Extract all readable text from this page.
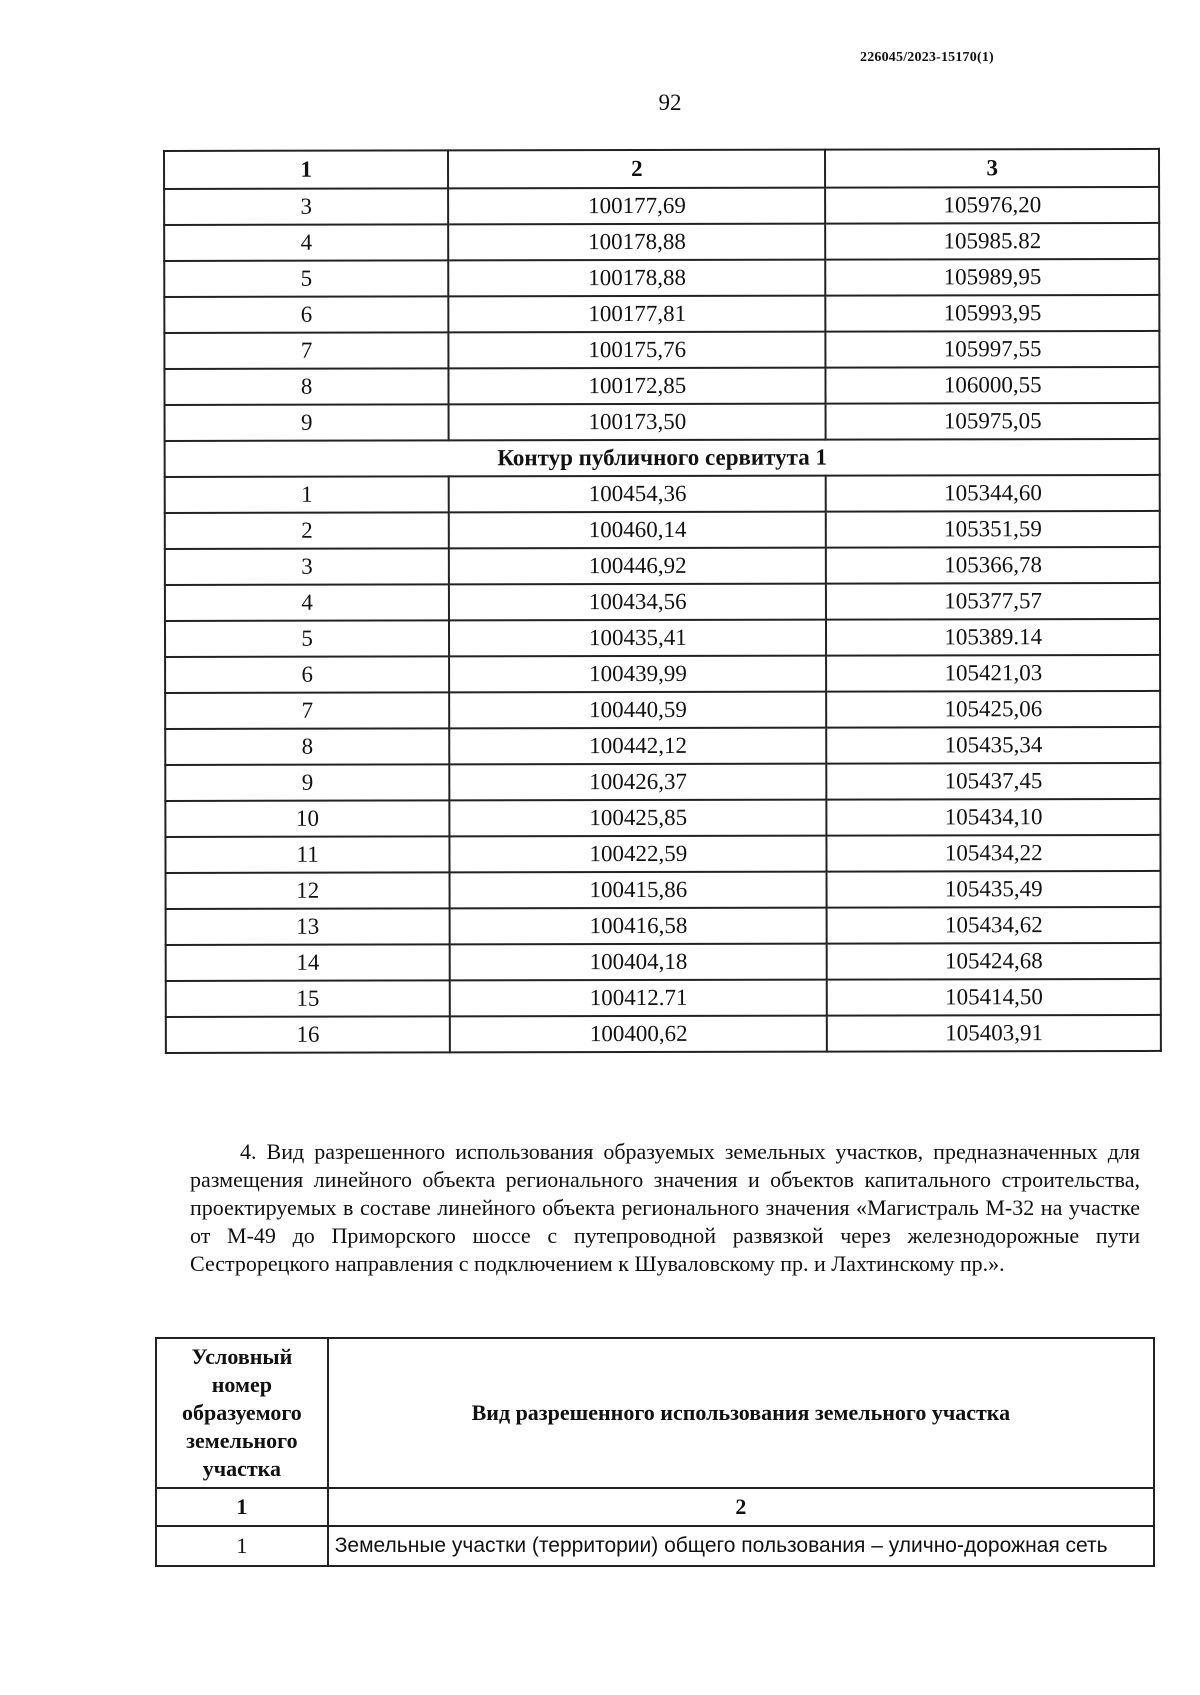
226045/2023-15170(1)
92
1	2	3
3	100177,69	105976,20
4	100178,88	105985.82
5	100178,88	105989,95
6	100177,81	105993,95
7	100175,76	105997,55
8	100172,85	106000,55
9	100173,50	105975,05
Контур публичного сервитута 1		
1	100454,36	105344,60
2	100460,14	105351,59
3	100446,92	105366,78
4	100434,56	105377,57
5	100435,41	105389.14
6	100439,99	105421,03
7	100440,59	105425,06
8	100442,12	105435,34
9	100426,37	105437,45
10	100425,85	105434,10
11	100422,59	105434,22
12	100415,86	105435,49
13	100416,58	105434,62
14	100404,18	105424,68
15	100412.71	105414,50
16	100400,62	105403,91
4. Вид разрешенного использования образуемых земельных участков, предназначенных для размещения линейного объекта регионального значения и объектов капитального строительства, проектируемых в составе линейного объекта регионального значения «Магистраль М-32 на участке от М-49 до Приморского шоссе с путепроводной развязкой через железнодорожные пути Сестрорецкого направления с подключением к Шуваловскому пр. и Лахтинскому пр.».
Условный номер образуемого земельного участка	Вид разрешенного использования земельного участка
1	2
1	Земельные участки (территории) общего пользования – улично-дорожная сеть
